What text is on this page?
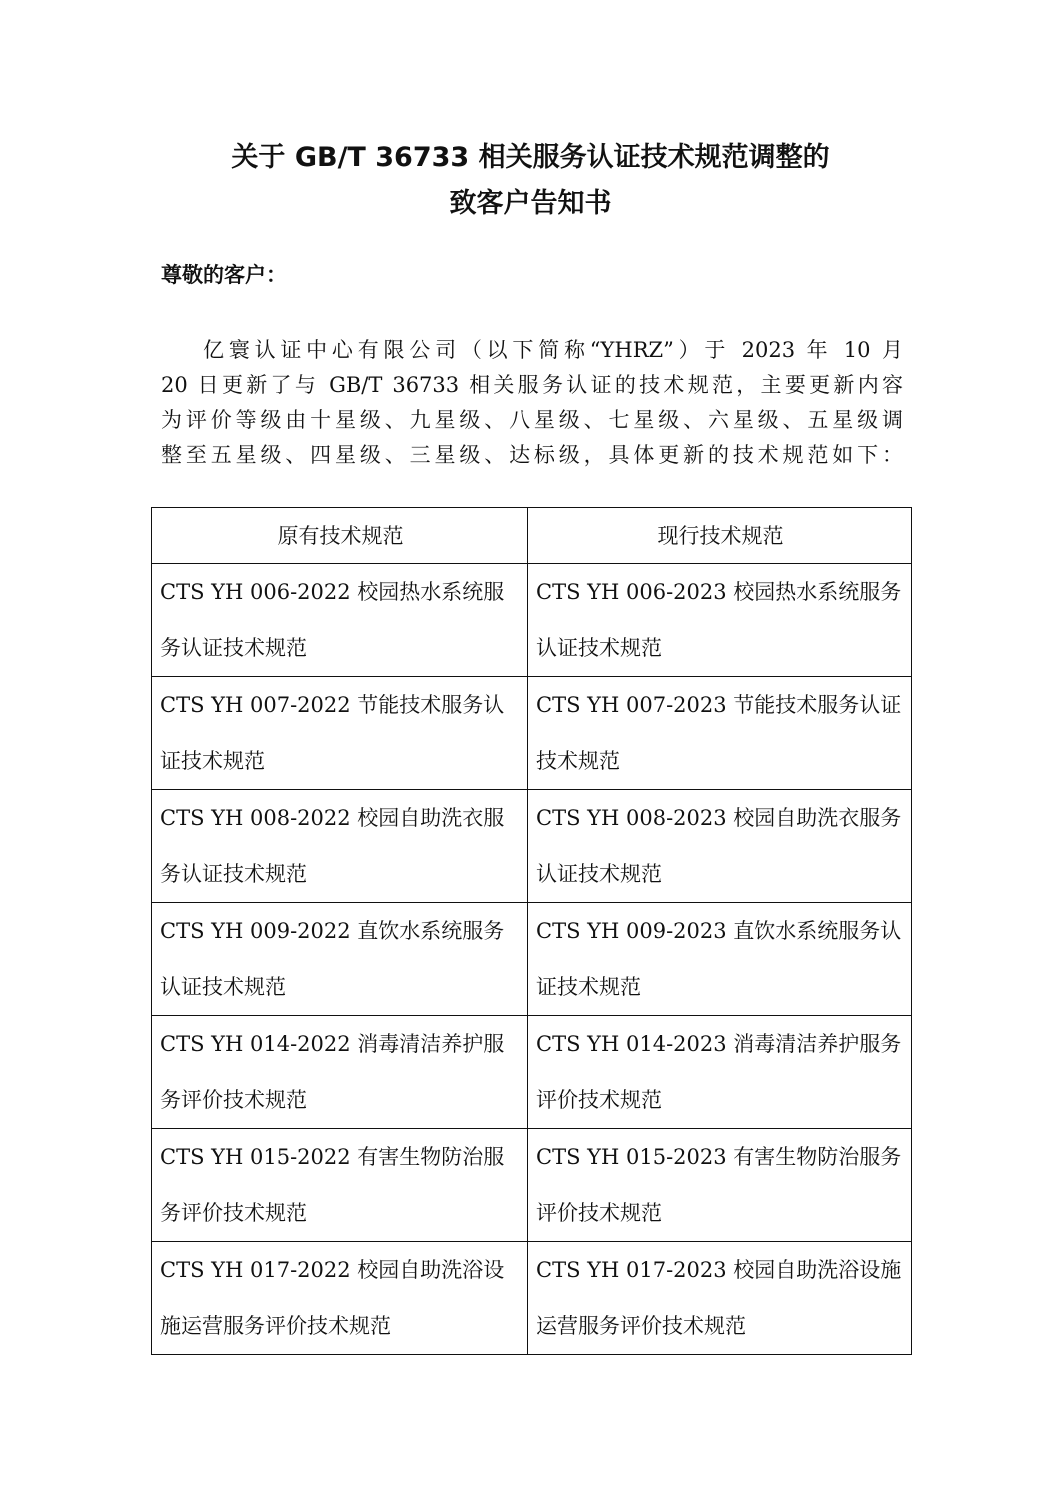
关于 GB/T 36733 相关服务认证技术规范调整的
致客户告知书

尊敬的客户：

亿寰认证中心有限公司（以下简称“YHRZ”）于 2023 年 10 月

20 日更新了与 GB/T 36733 相关服务认证的技术规范，主要更新内容

为评价等级由十星级、九星级、八星级、七星级、六星级、五星级调

整至五星级、四星级、三星级、达标级，具体更新的技术规范如下：

原有技术规范	现行技术规范

CTS YH 006-2022 校园热水系统服务认证技术规范	CTS YH 006-2023 校园热水系统服务认证技术规范

CTS YH 007-2022 节能技术服务认证技术规范	CTS YH 007-2023 节能技术服务认证技术规范

CTS YH 008-2022 校园自助洗衣服务认证技术规范	CTS YH 008-2023 校园自助洗衣服务认证技术规范

CTS YH 009-2022 直饮水系统服务认证技术规范	CTS YH 009-2023 直饮水系统服务认证技术规范

CTS YH 014-2022 消毒清洁养护服务评价技术规范	CTS YH 014-2023 消毒清洁养护服务评价技术规范

CTS YH 015-2022 有害生物防治服务评价技术规范	CTS YH 015-2023 有害生物防治服务评价技术规范

CTS YH 017-2022 校园自助洗浴设施运营服务评价技术规范	CTS YH 017-2023 校园自助洗浴设施运营服务评价技术规范
